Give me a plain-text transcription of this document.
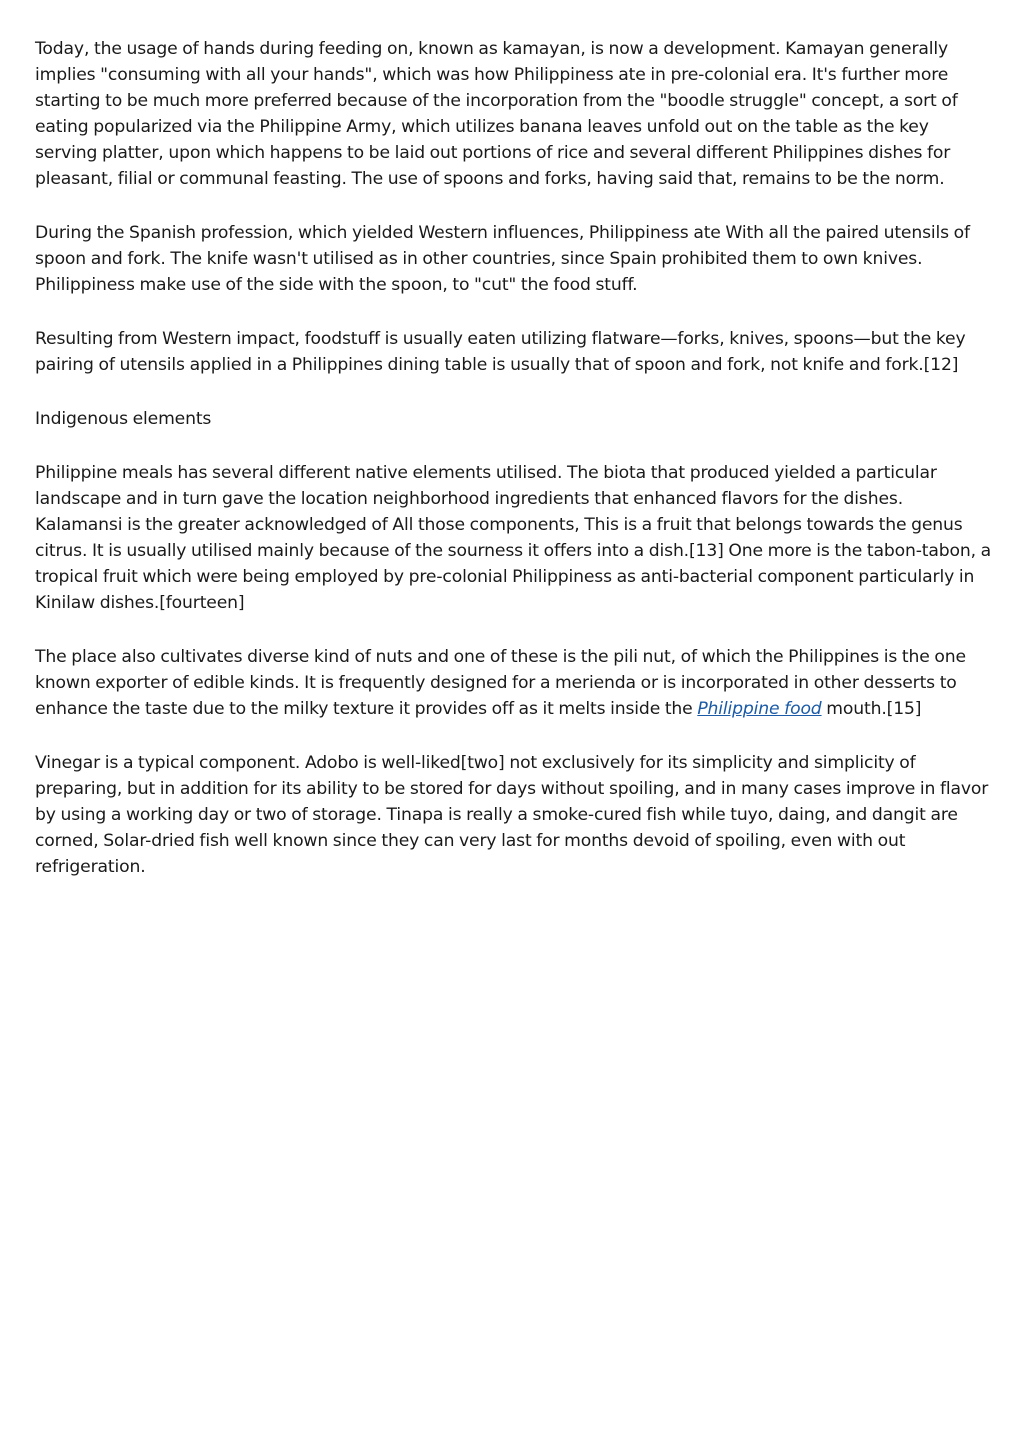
Today, the usage of hands during feeding on, known as kamayan, is now a development. Kamayan generally implies "consuming with all your hands", which was how Philippiness ate in pre-colonial era. It's further more starting to be much more preferred because of the incorporation from the "boodle struggle" concept, a sort of eating popularized via the Philippine Army, which utilizes banana leaves unfold out on the table as the key serving platter, upon which happens to be laid out portions of rice and several different Philippines dishes for pleasant, filial or communal feasting. The use of spoons and forks, having said that, remains to be the norm.

During the Spanish profession, which yielded Western influences, Philippiness ate With all the paired utensils of spoon and fork. The knife wasn't utilised as in other countries, since Spain prohibited them to own knives. Philippiness make use of the side with the spoon, to "cut" the food stuff.

Resulting from Western impact, foodstuff is usually eaten utilizing flatware—forks, knives, spoons—but the key pairing of utensils applied in a Philippines dining table is usually that of spoon and fork, not knife and fork.[12]

Indigenous elements

Philippine meals has several different native elements utilised. The biota that produced yielded a particular landscape and in turn gave the location neighborhood ingredients that enhanced flavors for the dishes. Kalamansi is the greater acknowledged of All those components, This is a fruit that belongs towards the genus citrus. It is usually utilised mainly because of the sourness it offers into a dish.[13] One more is the tabon-tabon, a tropical fruit which were being employed by pre-colonial Philippiness as anti-bacterial component particularly in Kinilaw dishes.[fourteen]

The place also cultivates diverse kind of nuts and one of these is the pili nut, of which the Philippines is the one known exporter of edible kinds. It is frequently designed for a merienda or is incorporated in other desserts to enhance the taste due to the milky texture it provides off as it melts inside the Philippine food mouth.[15]

Vinegar is a typical component. Adobo is well-liked[two] not exclusively for its simplicity and simplicity of preparing, but in addition for its ability to be stored for days without spoiling, and in many cases improve in flavor by using a working day or two of storage. Tinapa is really a smoke-cured fish while tuyo, daing, and dangit are corned, Solar-dried fish well known since they can very last for months devoid of spoiling, even with out refrigeration.
